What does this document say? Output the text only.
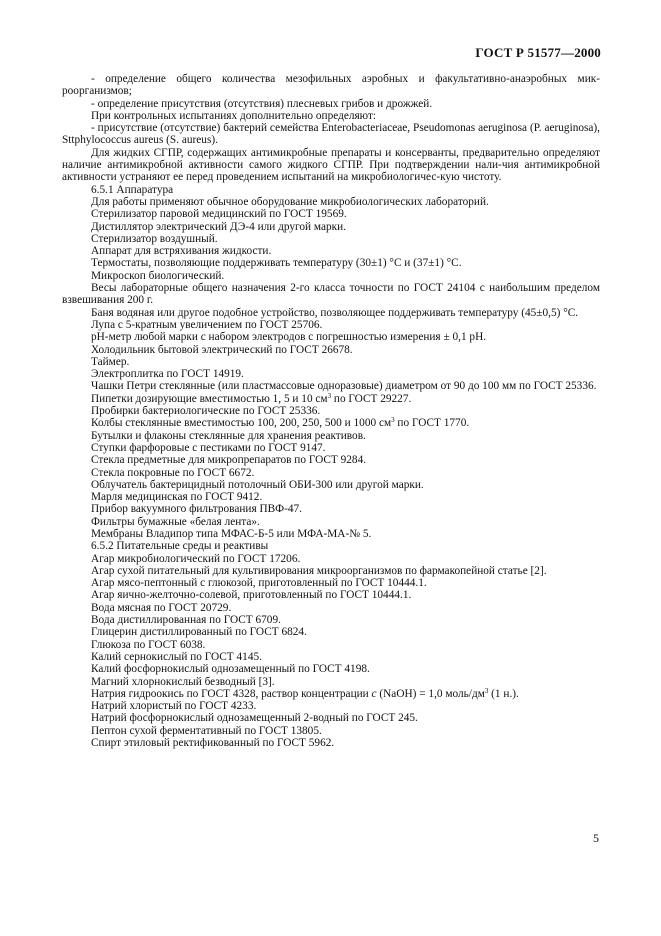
ГОСТ Р 51577—2000

- определение общего количества мезофильных аэробных и факультативно-анаэробных мик-роорганизмов;

- определение присутствия (отсутствия) плесневых грибов и дрожжей.

При контрольных испытаниях дополнительно определяют:

- присутствие (отсутствие) бактерий семейства Enterobacteriaceae, Pseudomonas aeruginosa (P. aeruginosa), Sttphylococcus aureus (S. aureus).

Для жидких СГПР, содержащих антимикробные препараты и консерванты, предварительно определяют наличие антимикробной активности самого жидкого СГПР. При подтверждении нали-чия антимикробной активности устраняют ее перед проведением испытаний на микробиологичес-кую чистоту.

6.5.1 Аппаратура

Для работы применяют обычное оборудование микробиологических лабораторий.

Стерилизатор паровой медицинский по ГОСТ 19569.

Дистиллятор электрический ДЭ-4 или другой марки.

Стерилизатор воздушный.

Аппарат для встряхивания жидкости.

Термостаты, позволяющие поддерживать температуру (30±1) °С и (37±1) °С.

Микроскоп биологический.

Весы лабораторные общего назначения 2-го класса точности по ГОСТ 24104 с наибольшим пределом взвешивания 200 г.

Баня водяная или другое подобное устройство, позволяющее поддерживать температуру (45±0,5) °С.

Лупа с 5-кратным увеличением по ГОСТ 25706.

рН-метр любой марки с набором электродов с погрешностью измерения ± 0,1 рН.

Холодильник бытовой электрический по ГОСТ 26678.

Таймер.

Электроплитка по ГОСТ 14919.

Чашки Петри стеклянные (или пластмассовые одноразовые) диаметром от 90 до 100 мм по ГОСТ 25336.

Пипетки дозирующие вместимостью 1, 5 и 10 $см^3$ по ГОСТ 29227.

Пробирки бактериологические по ГОСТ 25336.

Колбы стеклянные вместимостью 100, 200, 250, 500 и 1000 $см^3$ по ГОСТ 1770.

Бутылки и флаконы стеклянные для хранения реактивов.

Ступки фарфоровые с пестиками по ГОСТ 9147.

Стекла предметные для микропрепаратов по ГОСТ 9284.

Стекла покровные по ГОСТ 6672.

Облучатель бактерицидный потолочный ОБИ-300 или другой марки.

Марля медицинская по ГОСТ 9412.

Прибор вакуумного фильтрования ПВФ-47.

Фильтры бумажные «белая лента».

Мембраны Владипор типа МФАС-Б-5 или МФА-МА-№ 5.

6.5.2 Питательные среды и реактивы

Агар микробиологический по ГОСТ 17206.

Агар сухой питательный для культивирования микроорганизмов по фармакопейной статье [2].

Агар мясо-пептонный с глюкозой, приготовленный по ГОСТ 10444.1.

Агар яично-желточно-солевой, приготовленный по ГОСТ 10444.1.

Вода мясная по ГОСТ 20729.

Вода дистиллированная по ГОСТ 6709.

Глицерин дистиллированный по ГОСТ 6824.

Глюкоза по ГОСТ 6038.

Калий сернокислый по ГОСТ 4145.

Калий фосфорнокислый однозамещенный по ГОСТ 4198.

Магний хлорнокислый безводный [3].

Натрия гидроокись по ГОСТ 4328, раствор концентрации с (NaOH) = 1,0 моль/$дм^3$ (1 н.).

Натрий хлористый по ГОСТ 4233.

Натрий фосфорнокислый однозамещенный 2-водный по ГОСТ 245.

Пептон сухой ферментативный по ГОСТ 13805.

Спирт этиловый ректификованный по ГОСТ 5962.

5
